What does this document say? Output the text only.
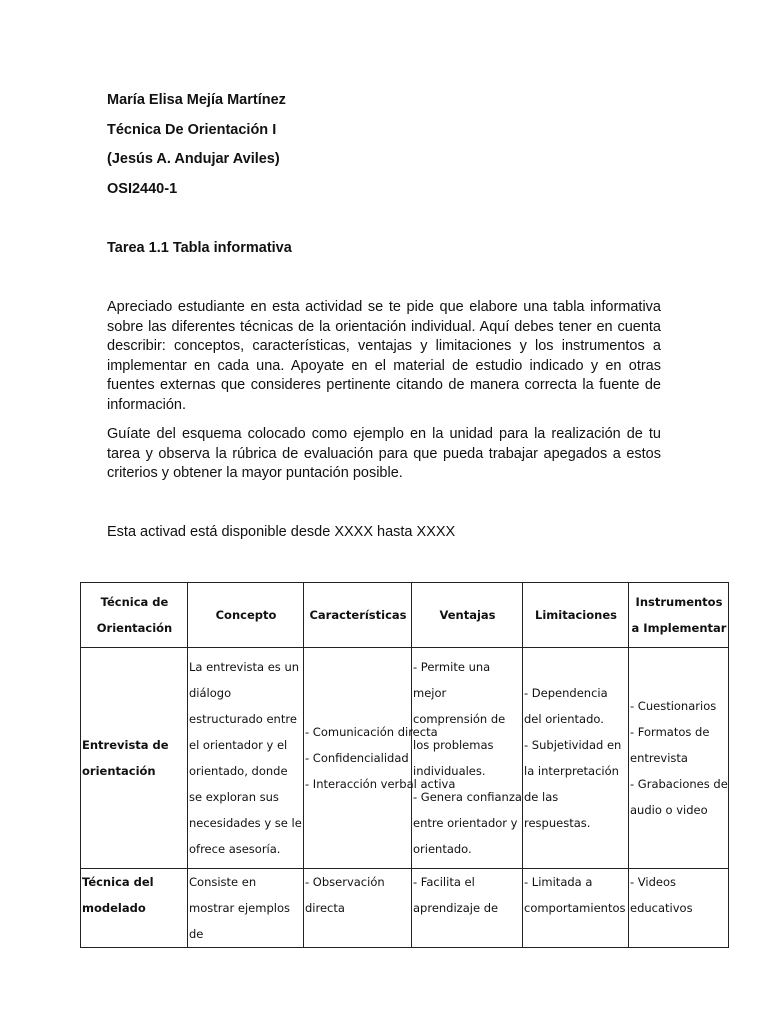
María Elisa Mejía Martínez
Técnica De Orientación I
(Jesús A. Andujar Aviles)
OSI2440-1
Tarea 1.1 Tabla informativa

Apreciado estudiante en esta actividad se te pide que elabore una tabla informativa sobre las diferentes técnicas de la orientación individual. Aquí debes tener en cuenta describir: conceptos, características, ventajas y limitaciones y los instrumentos a implementar en cada una. Apoyate en el material de estudio indicado y en otras fuentes externas que consideres pertinente citando de manera correcta la fuente de información.

Guíate del esquema colocado como ejemplo en la unidad para la realización de tu tarea y observa la rúbrica de evaluación para que pueda trabajar apegados a estos criterios y obtener la mayor puntación posible.

Esta activad está disponible desde XXXX hasta XXXX
Técnica de Orientación	Concepto	Características	Ventajas	Limitaciones	Instrumentos a Implementar
Entrevista de orientación	La entrevista es un diálogo estructurado entre el orientador y el orientado, donde se exploran sus necesidades y se le ofrece asesoría.	- Comunicación directa
- Confidencialidad
- Interacción verbal activa	- Permite una mejor comprensión de los problemas individuales.
- Genera confianza entre orientador y orientado.	- Dependencia del orientado.
- Subjetividad en la interpretación de las respuestas.	- Cuestionarios
- Formatos de entrevista
- Grabaciones de audio o video

Técnica del modelado	Consiste en mostrar ejemplos de	- Observación directa	- Facilita el aprendizaje de	- Limitada a comportamientos	- Videos educativos
